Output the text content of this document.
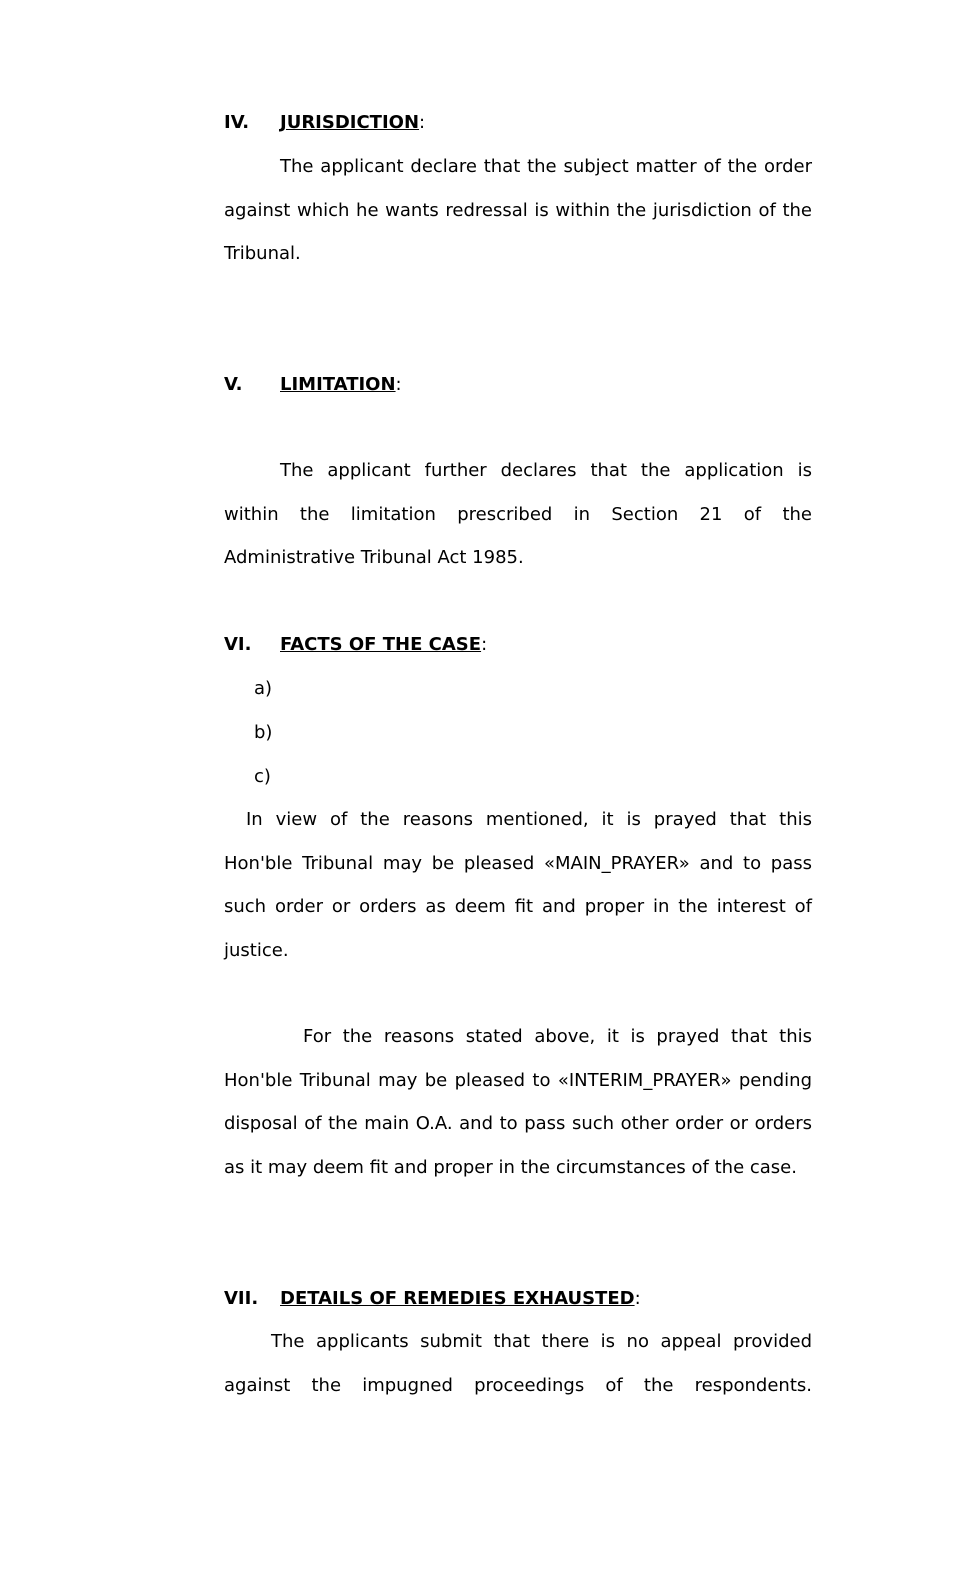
IV. JURISDICTION:

The applicant declare that the subject matter of the order against which he wants redressal is within the jurisdiction of the Tribunal.

V. LIMITATION:

The applicant further declares that the application is within the limitation prescribed in Section 21 of the Administrative Tribunal Act 1985.

VI. FACTS OF THE CASE:
a)
b)
c)

In view of the reasons mentioned, it is prayed that this Hon'ble Tribunal may be pleased «MAIN_PRAYER» and to pass such order or orders as deem fit and proper in the interest of justice.

For the reasons stated above, it is prayed that this Hon'ble Tribunal may be pleased to «INTERIM_PRAYER» pending disposal of the main O.A. and to pass such other order or orders as it may deem fit and proper in the circumstances of the case.

VII. DETAILS OF REMEDIES EXHAUSTED:

The applicants submit that there is no appeal provided against the impugned proceedings of the respondents.
